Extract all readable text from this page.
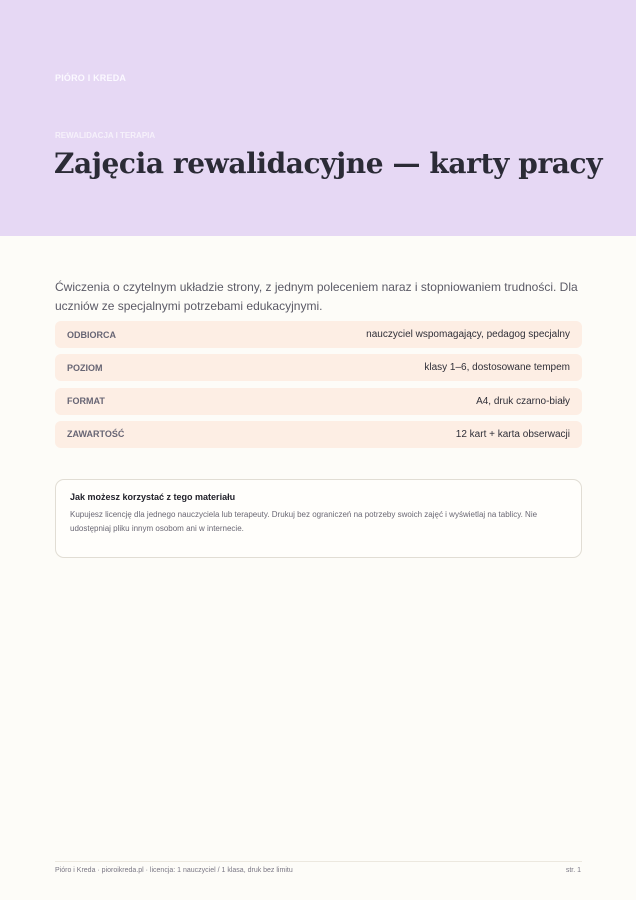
PIÓRO I KREDA
REWALIDACJA I TERAPIA
Zajęcia rewalidacyjne — karty pracy

Ćwiczenia o czytelnym układzie strony, z jednym poleceniem naraz i stopniowaniem trudności. Dla uczniów ze specjalnymi potrzebami edukacyjnymi.

ODBIORCA	nauczyciel wspomagający, pedagog specjalny
POZIOM	klasy 1–6, dostosowane tempem
FORMAT	A4, druk czarno-biały
ZAWARTOŚĆ	12 kart + karta obserwacji
Jak możesz korzystać z tego materiału

Kupujesz licencję dla jednego nauczyciela lub terapeuty. Drukuj bez ograniczeń na potrzeby swoich zajęć i wyświetlaj na tablicy. Nie udostępniaj pliku innym osobom ani w internecie.

Pióro i Kreda · pioroikreda.pl · licencja: 1 nauczyciel / 1 klasa, druk bez limitu	str. 1
